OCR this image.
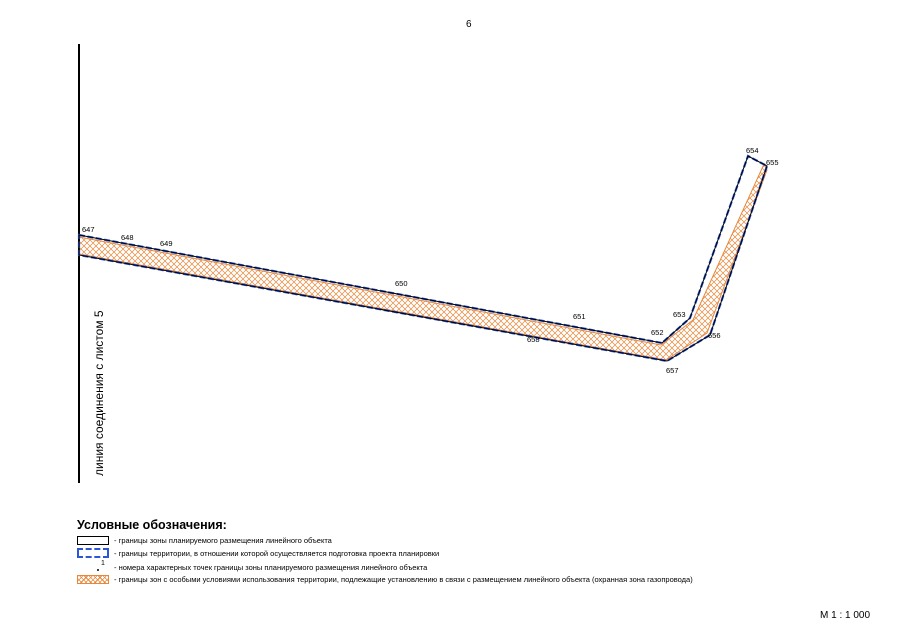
6
647
648
649
650
651
652
653
654
655
656
657
658
линия соединения с листом 5
Условные обозначения:
- границы зоны планируемого размещения линейного объекта
- границы территории, в отношении которой осуществляется подготовка проекта планировки
1 - номера характерных точек границы зоны планируемого размещения линейного объекта
- границы зон с особыми условиями использования территории, подлежащие установлению в связи с размещением линейного объекта (охранная зона газопровода)
М 1 : 1 000
